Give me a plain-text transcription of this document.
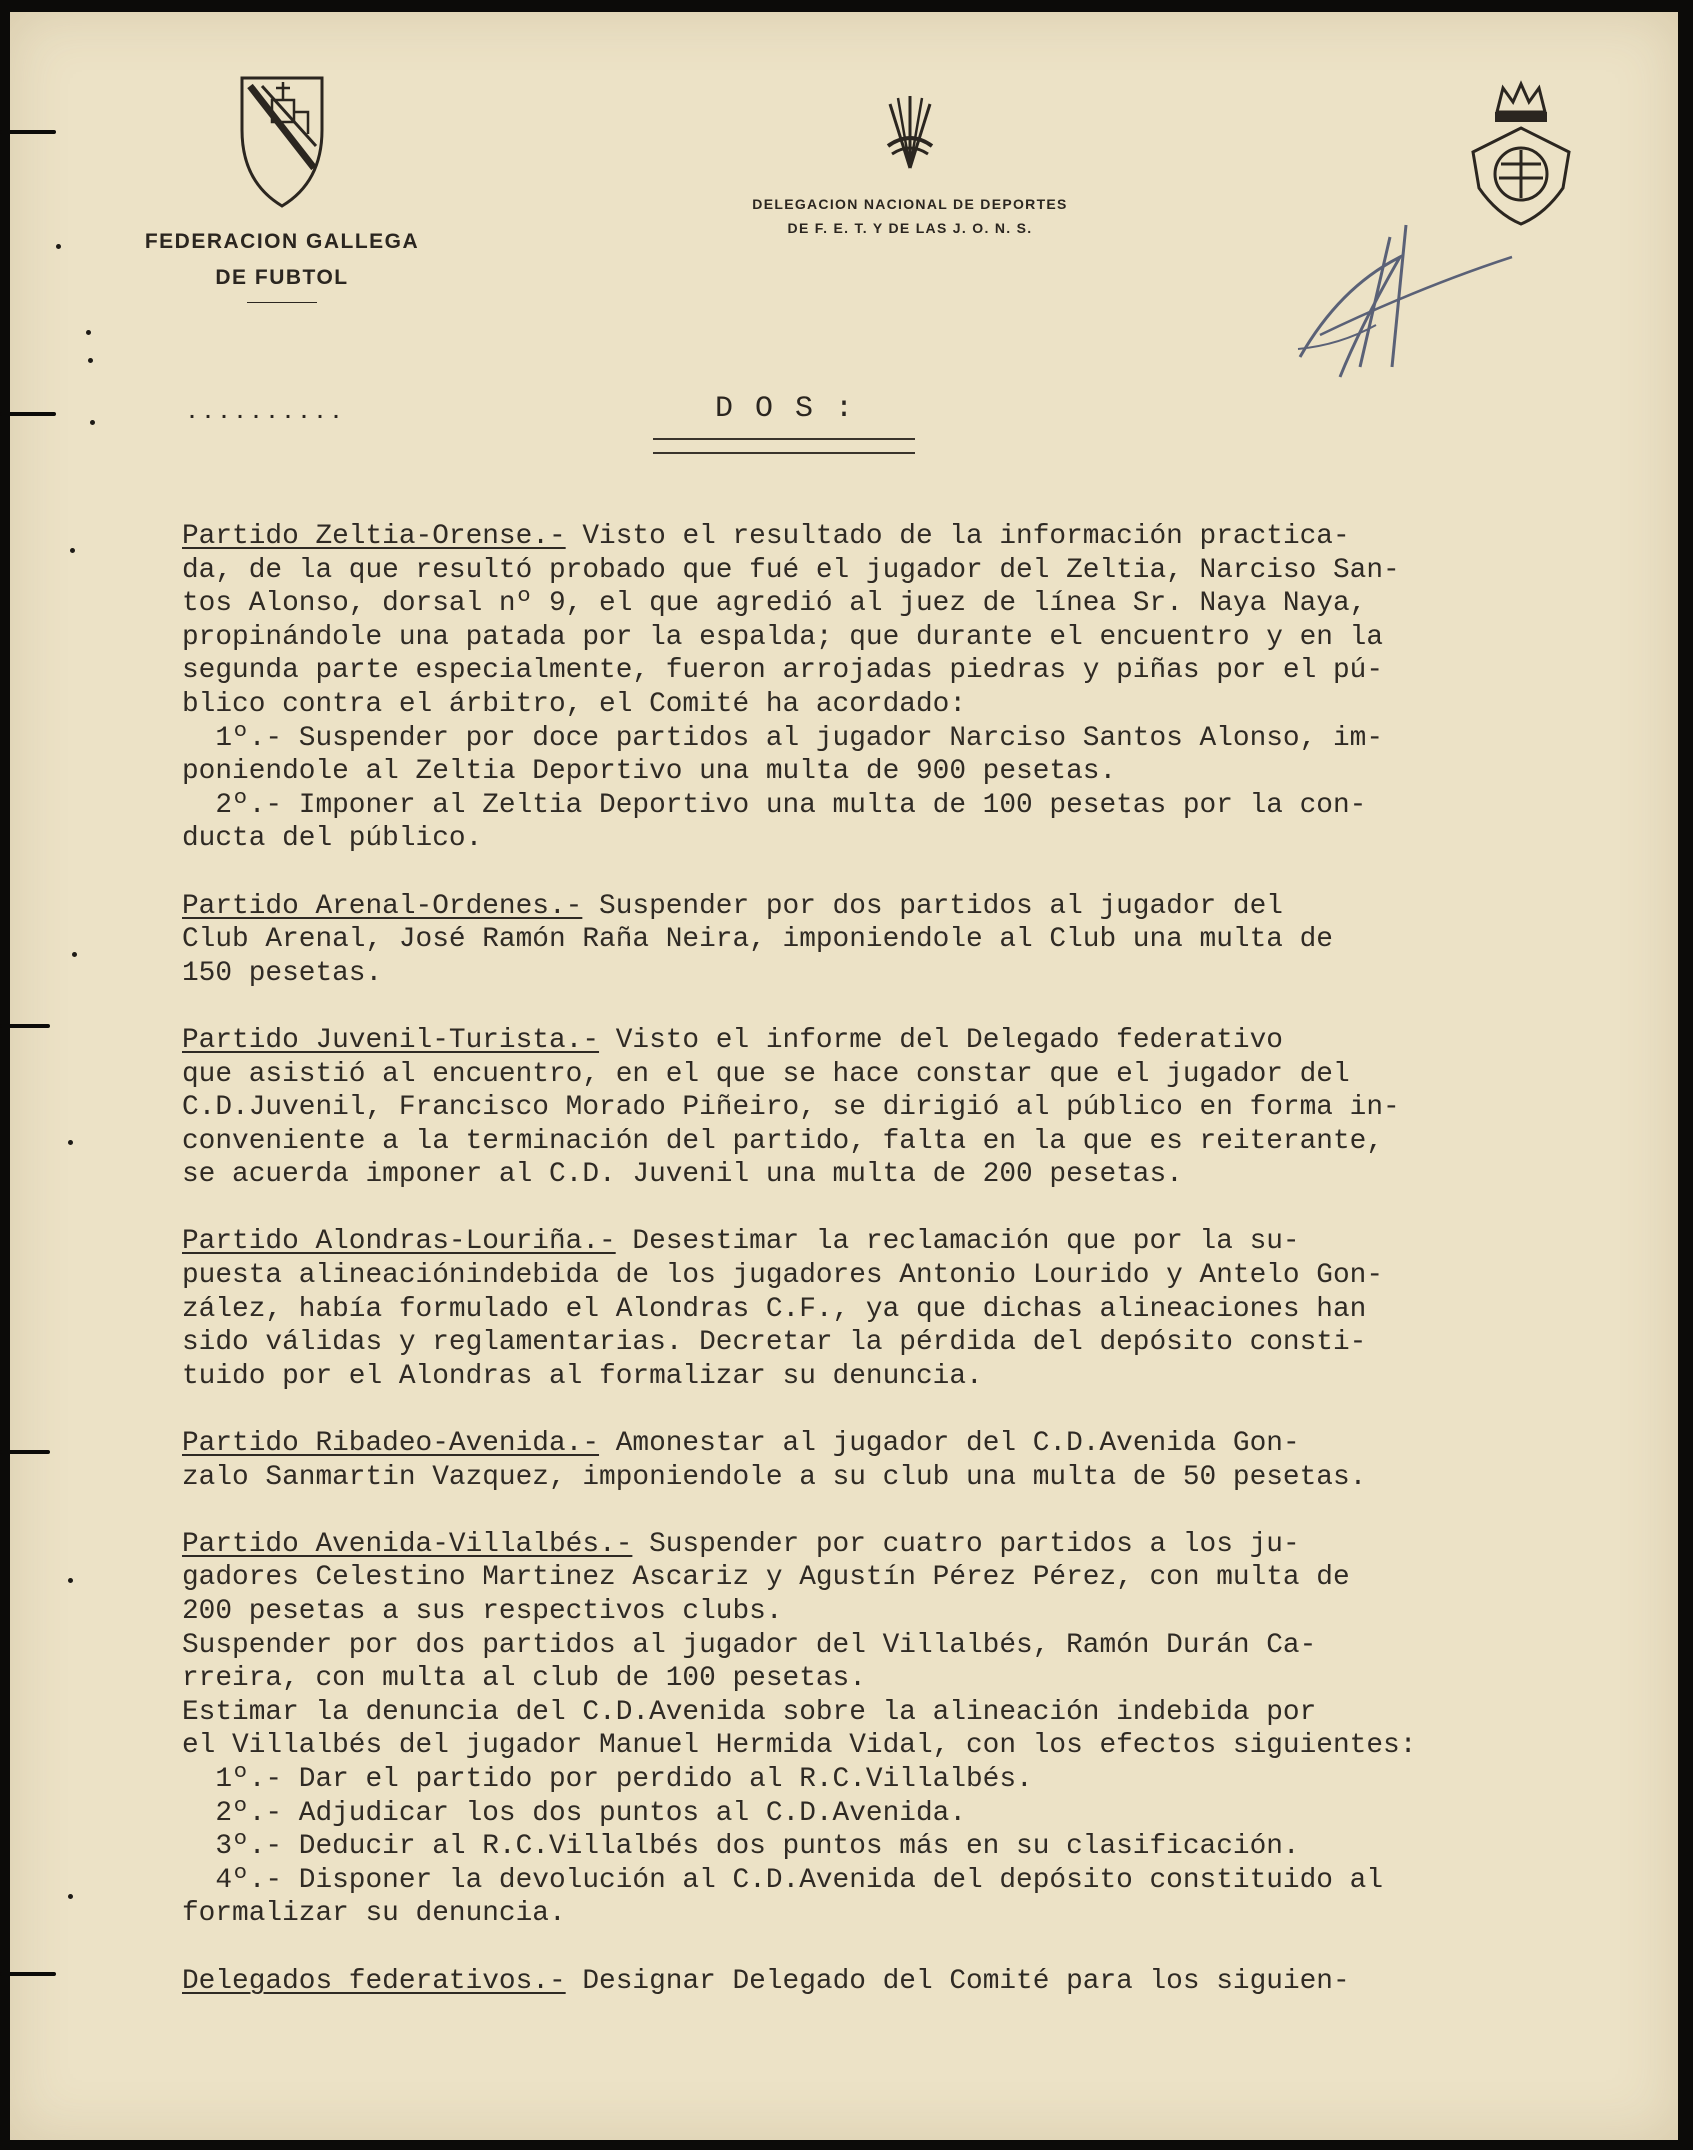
FEDERACION GALLEGA
DE FUBTOL
DELEGACION NACIONAL DE DEPORTES
DE F. E. T. Y DE LAS J. O. N. S.
..........	DOS:
Partido Zeltia-Orense.- Visto el resultado de la información practica-
da, de la que resultó probado que fué el jugador del Zeltia, Narciso San-
tos Alonso, dorsal nº 9, el que agredió al juez de línea Sr. Naya Naya,
propinándole una patada por la espalda; que durante el encuentro y en la
segunda parte especialmente, fueron arrojadas piedras y piñas por el pú-
blico contra el árbitro, el Comité ha acordado:
1º.- Suspender por doce partidos al jugador Narciso Santos Alonso, im-
poniendole al Zeltia Deportivo una multa de 900 pesetas.
2º.- Imponer al Zeltia Deportivo una multa de 100 pesetas por la con-
ducta del público.
Partido Arenal-Ordenes.- Suspender por dos partidos al jugador del
Club Arenal, José Ramón Raña Neira, imponiendole al Club una multa de
150 pesetas.
Partido Juvenil-Turista.- Visto el informe del Delegado federativo
que asistió al encuentro, en el que se hace constar que el jugador del
C.D.Juvenil, Francisco Morado Piñeiro, se dirigió al público en forma in-
conveniente a la terminación del partido, falta en la que es reiterante,
se acuerda imponer al C.D. Juvenil una multa de 200 pesetas.
Partido Alondras-Louriña.- Desestimar la reclamación que por la su-
puesta alineaciónindebida de los jugadores Antonio Lourido y Antelo Gon-
zález, había formulado el Alondras C.F., ya que dichas alineaciones han
sido válidas y reglamentarias. Decretar la pérdida del depósito consti-
tuido por el Alondras al formalizar su denuncia.
Partido Ribadeo-Avenida.- Amonestar al jugador del C.D.Avenida Gon-
zalo Sanmartin Vazquez, imponiendole a su club una multa de 50 pesetas.
Partido Avenida-Villalbés.- Suspender por cuatro partidos a los ju-
gadores Celestino Martinez Ascariz y Agustín Pérez Pérez, con multa de
200 pesetas a sus respectivos clubs.
Suspender por dos partidos al jugador del Villalbés, Ramón Durán Ca-
rreira, con multa al club de 100 pesetas.
Estimar la denuncia del C.D.Avenida sobre la alineación indebida por
el Villalbés del jugador Manuel Hermida Vidal, con los efectos siguientes:
1º.- Dar el partido por perdido al R.C.Villalbés.
2º.- Adjudicar los dos puntos al C.D.Avenida.
3º.- Deducir al R.C.Villalbés dos puntos más en su clasificación.
4º.- Disponer la devolución al C.D.Avenida del depósito constituido al
formalizar su denuncia.
Delegados federativos.- Designar Delegado del Comité para los siguien-
